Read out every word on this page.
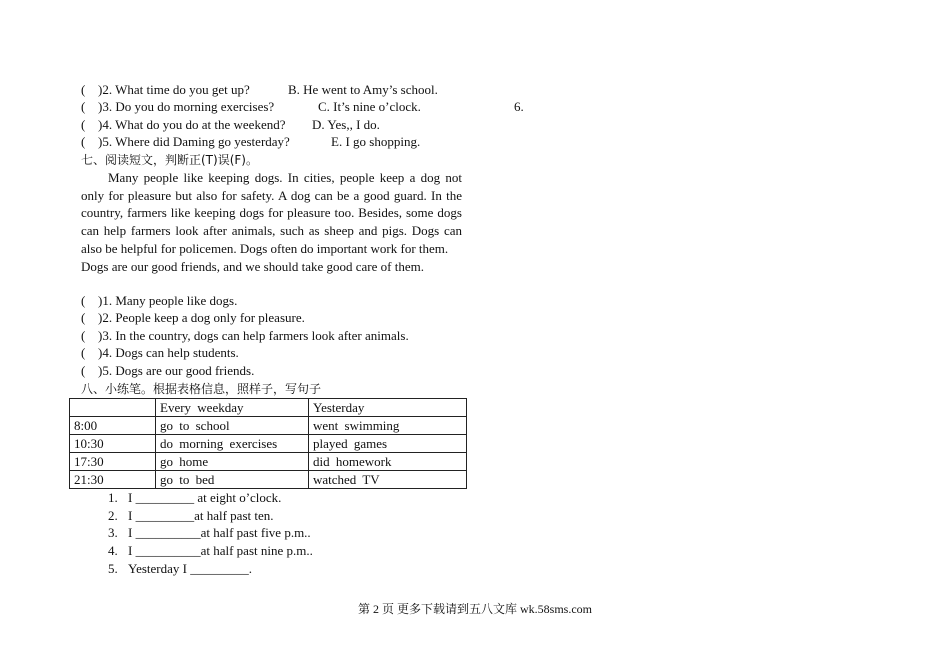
( )2. What time do you get up?	B. He went to Amy’s school.
( )3. Do you do morning exercises?	C. It’s nine o’clock.
( )4. What do you do at the weekend? D. Yes,, I do.
( )5. Where did Daming go yesterday?	E. I go shopping.
6.
七、阅读短文，判断正(T)误(F)。

Many people like keeping dogs. In cities, people keep a dog not only for pleasure but also for safety. A dog can be a good guard. In the country, farmers like keeping dogs for pleasure too. Besides, some dogs can help farmers look after animals, such as sheep and pigs. Dogs can also be helpful for policemen. Dogs often do important work for them.

Dogs are our good friends, and we should take good care of them.

( )1. Many people like dogs.
( )2. People keep a dog only for pleasure.
( )3. In the country, dogs can help farmers look after animals.
( )4. Dogs can help students.
( )5. Dogs are our good friends.
八、小练笔。根据表格信息，照样子，写句子
	Every weekday	Yesterday
8:00	go to school	went swimming
10:30	do morning exercises	played games
17:30	go home	did homework
21:30	go to bed	watched TV
1. I _________ at eight o’clock.
2. I _________at half past ten.
3. I __________at half past five p.m..
4. I __________at half past nine p.m..
5. Yesterday I _________.
第 2 页 更多下载请到五八文库 wk.58sms.com
